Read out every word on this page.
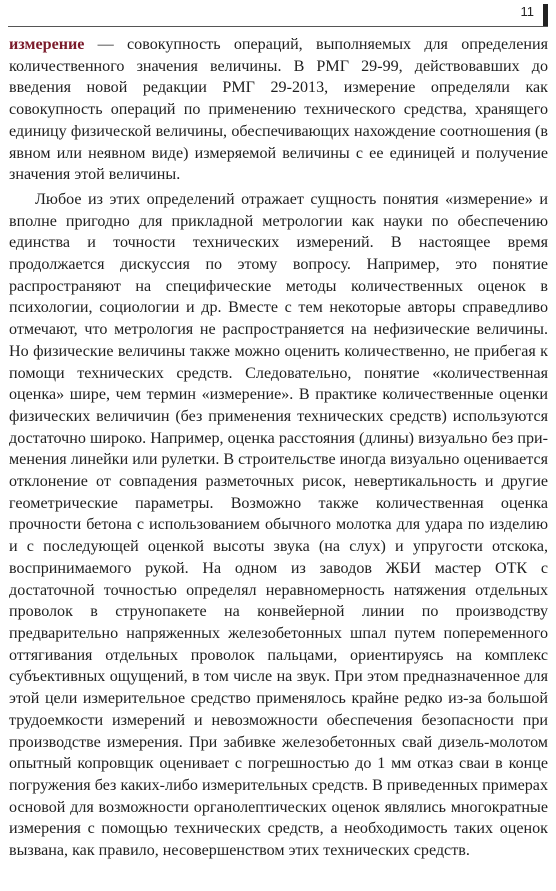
11

измерение — совокупность операций, выполняемых для определения количественного значения величины. В РМГ 29-99, действовавших до введения новой редакции РМГ 29-2013, измерение определяли как совокупность операций по применению технического средства, хранящего единицу физической величины, обеспечивающих нахождение соотношения (в явном или неявном виде) измеряемой величины с ее единицей и получение значения этой величины.

Любое из этих определений отражает сущность понятия «измерение» и вполне пригодно для прикладной метрологии как науки по обеспечению единства и точности технических измерений. В настоящее время продолжается дискуссия по этому вопросу. Например, это понятие распространяют на специфические методы количественных оценок в психологии, социологии и др. Вместе с тем некоторые авторы справедливо отмечают, что метрология не распространяется на нефизические величины. Но физические величины также можно оценить количественно, не прибегая к помощи технических средств. Следовательно, понятие «количественная оценка» шире, чем термин «измерение». В практике количественные оценки физических величичин (без применения технических средств) используются достаточно широко. Например, оценка расстояния (длины) визуально без применения линейки или рулетки. В строительстве иногда визуально оценивается отклонение от совпадения разметочных рисок, невертикальность и другие геометрические параметры. Возможно также количественная оценка прочности бетона с использованием обычного молотка для удара по изделию и с последующей оценкой высоты звука (на слух) и упругости отскока, воспринимаемого рукой. На одном из заводов ЖБИ мастер ОТК с достаточной точностью определял неравномерность натяжения отдельных проволок в струнопакете на конвейерной линии по производству предварительно напряженных железобетонных шпал путем попеременного оттягивания отдельных проволок пальцами, ориентируясь на комплекс субъективных ощущений, в том числе на звук. При этом предназначенное для этой цели измерительное средство применялось крайне редко из-за большой трудоемкости измерений и невозможности обеспечения безопасности при производстве измерения. При забивке железобетонных свай дизель-молотом опытный копровщик оценивает с погрешностью до 1 мм отказ сваи в конце погружения без каких-либо измерительных средств. В приведенных примерах основой для возможности органолептических оценок являлись многократные измерения с помощью технических средств, а необходимость таких оценок вызвана, как правило, несовершенством этих технических средств.
